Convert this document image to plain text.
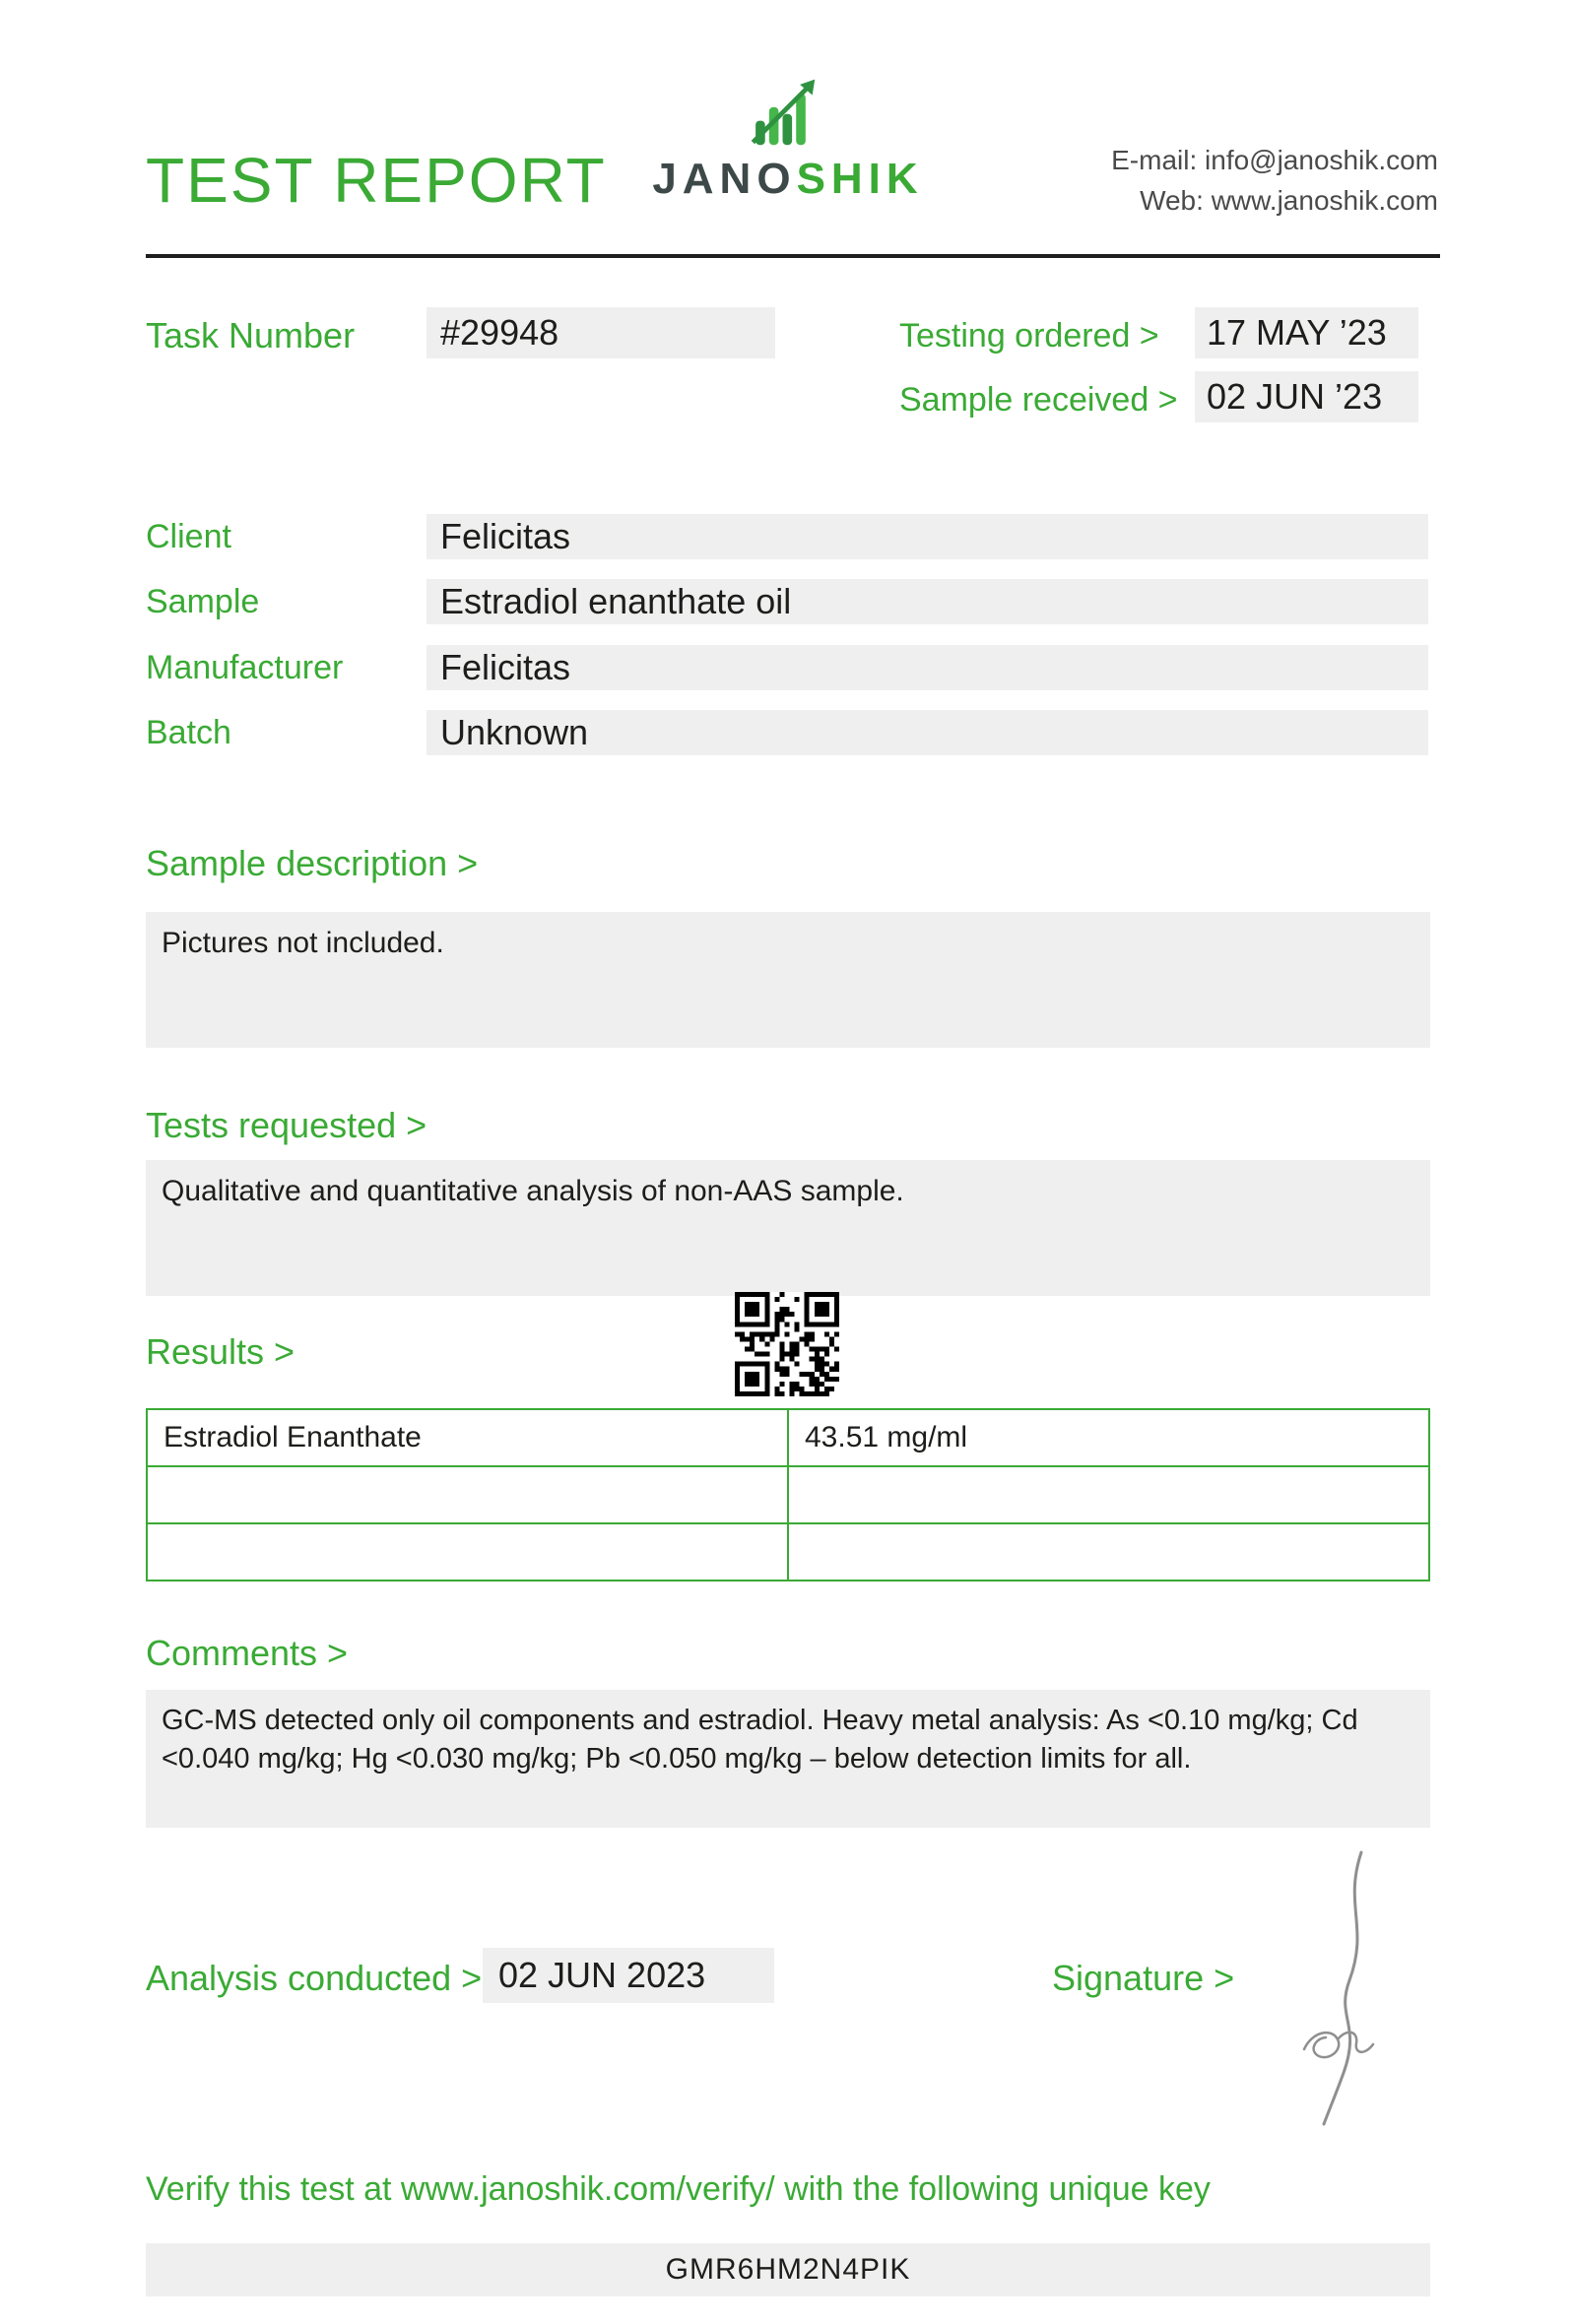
TEST REPORT	JANOSHIK	E-mail: info@janoshik.com
Web: www.janoshik.com
Task Number	#29948	Testing ordered >	17 MAY ’23
Sample received > 02 JUN ’23
Client	Felicitas
Sample	Estradiol enanthate oil
Manufacturer	Felicitas
Batch	Unknown
Sample description >
Pictures not included.
Tests requested >
Qualitative and quantitative analysis of non-AAS sample.
Results >
Estradiol Enanthate	43.51 mg/ml

Comments >
GC-MS detected only oil components and estradiol. Heavy metal analysis: As <0.10 mg/kg; Cd <0.040 mg/kg; Hg <0.030 mg/kg; Pb <0.050 mg/kg – below detection limits for all.
Analysis conducted > 02 JUN 2023	Signature >
Verify this test at www.janoshik.com/verify/ with the following unique key
GMR6HM2N4PIK
